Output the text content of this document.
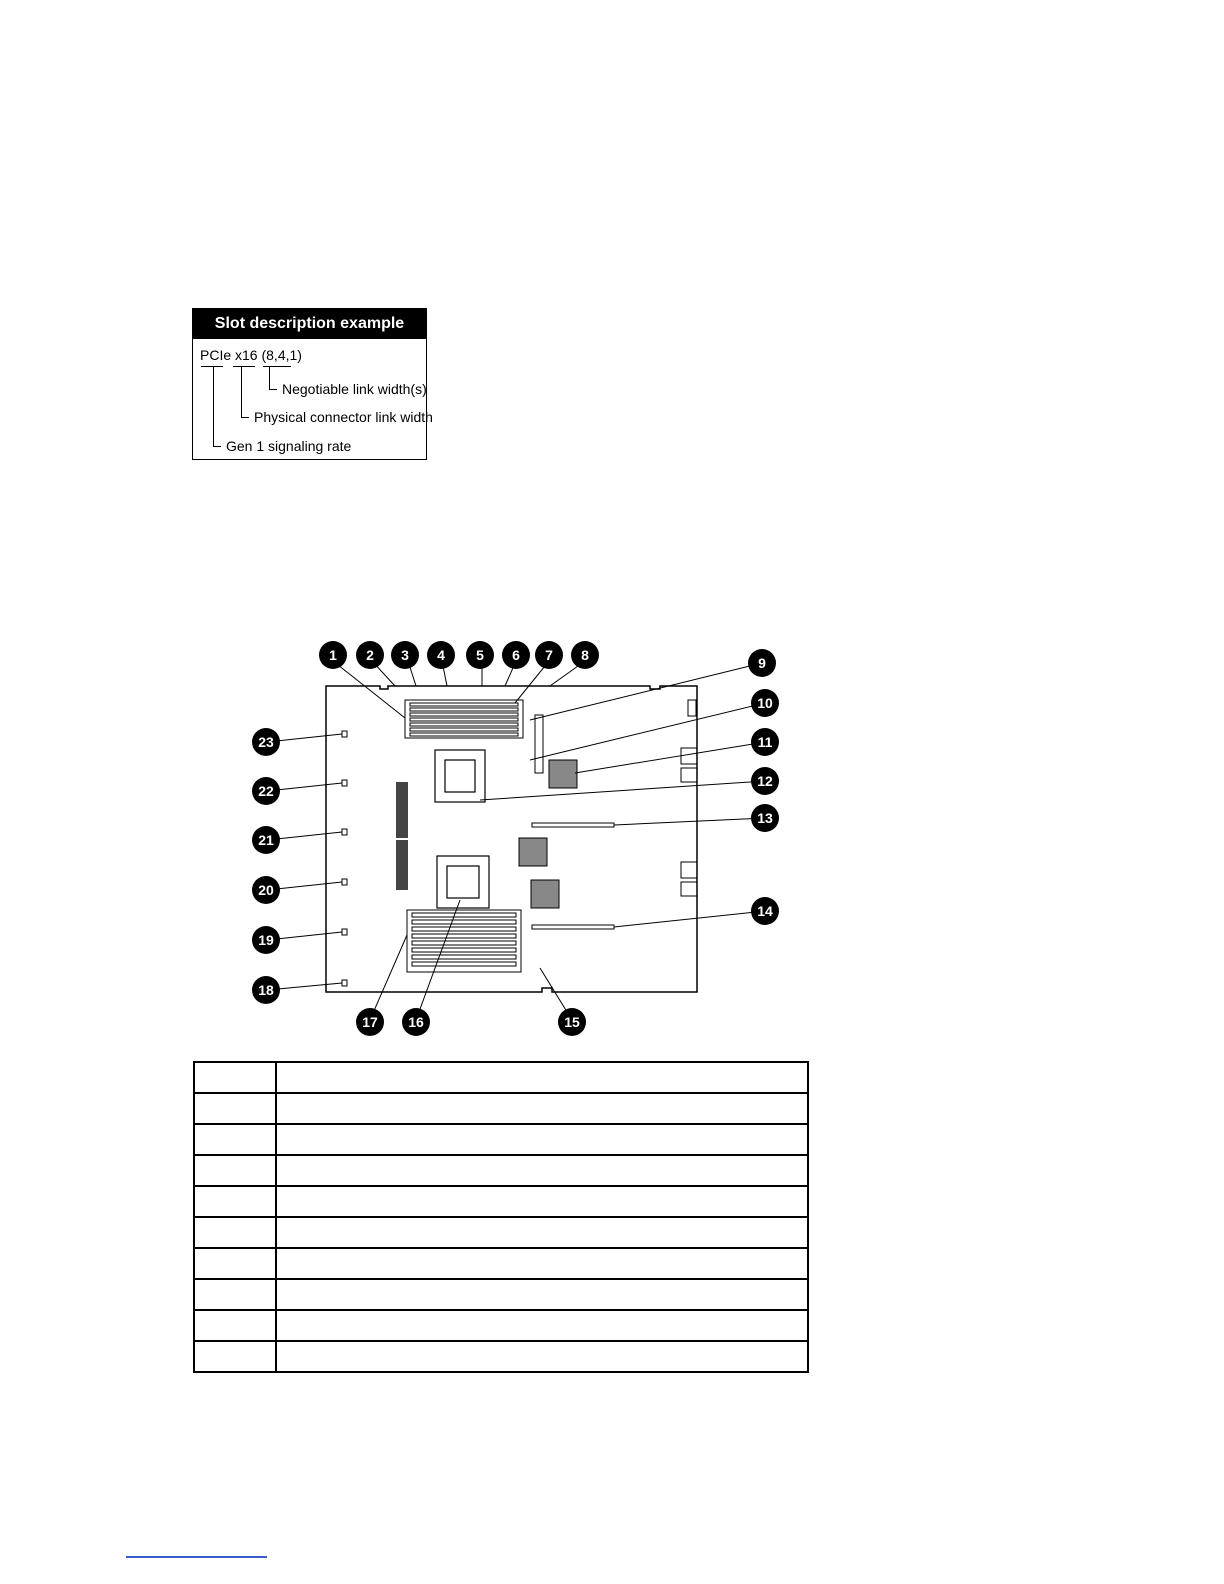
Slot description example
PCIe x16 (8,4,1)
Negotiable link width(s)
Physical connector link width
Gen 1 signaling rate
1 2 3 4 5 6 7 8	9
10
11
12
13
14
15
16
17
18
19
20
21
22
23
